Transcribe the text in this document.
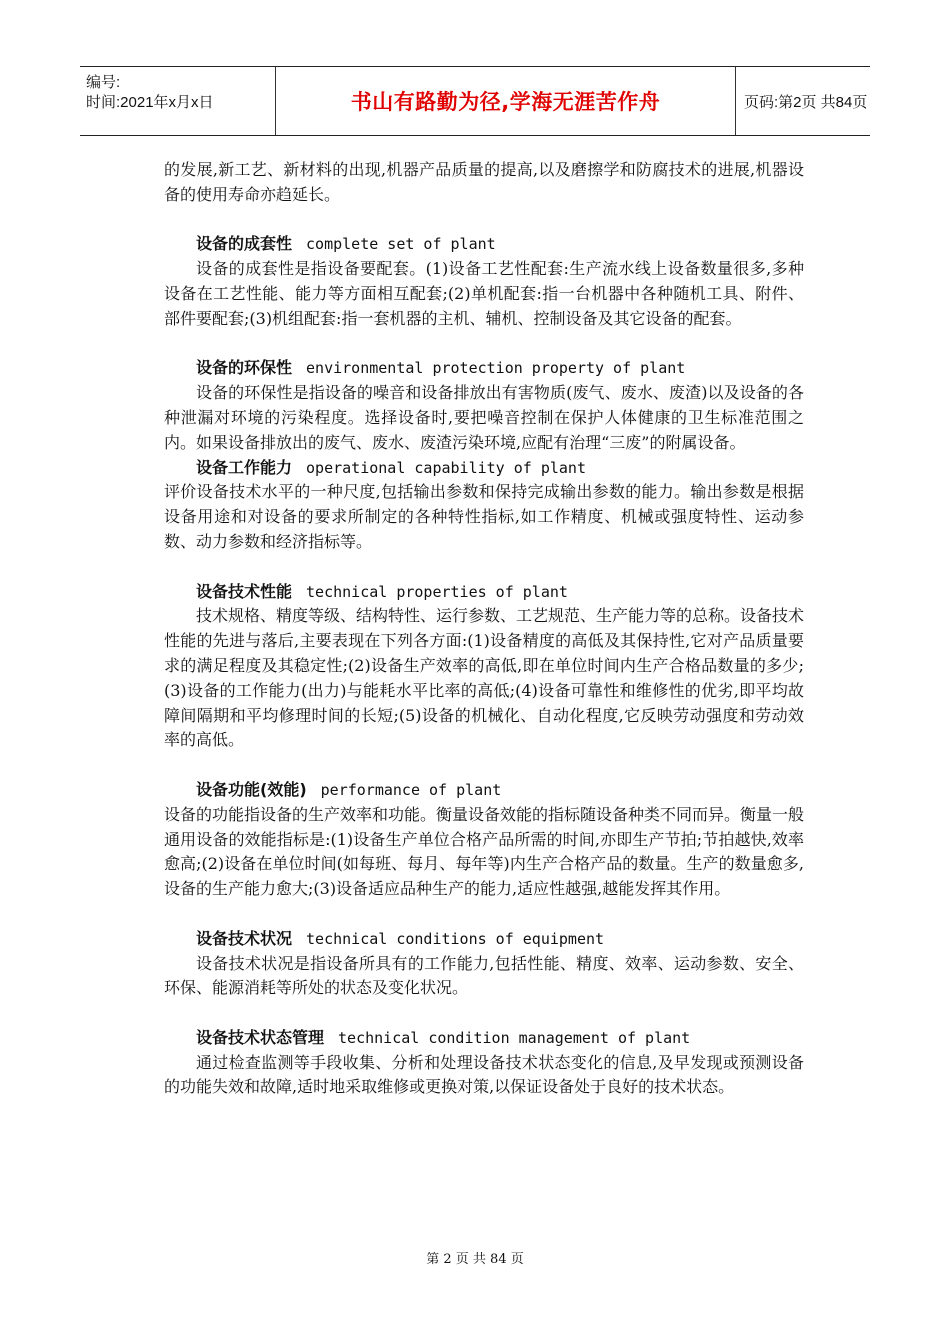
编号:
时间:2021年x月x日	书山有路勤为径,学海无涯苦作舟	页码:第2页 共84页

的发展,新工艺、新材料的出现,机器产品质量的提高,以及磨擦学和防腐技术的进展,机器设备的使用寿命亦趋延长。

设备的成套性 complete set of plant

设备的成套性是指设备要配套。(1)设备工艺性配套:生产流水线上设备数量很多,多种设备在工艺性能、能力等方面相互配套;(2)单机配套:指一台机器中各种随机工具、附件、部件要配套;(3)机组配套:指一套机器的主机、辅机、控制设备及其它设备的配套。

设备的环保性 environmental protection property of plant

设备的环保性是指设备的噪音和设备排放出有害物质(废气、废水、废渣)以及设备的各种泄漏对环境的污染程度。选择设备时,要把噪音控制在保护人体健康的卫生标准范围之内。如果设备排放出的废气、废水、废渣污染环境,应配有治理“三废”的附属设备。

设备工作能力 operational capability of plant

评价设备技术水平的一种尺度,包括输出参数和保持完成输出参数的能力。输出参数是根据设备用途和对设备的要求所制定的各种特性指标,如工作精度、机械或强度特性、运动参数、动力参数和经济指标等。

设备技术性能 technical properties of plant

技术规格、精度等级、结构特性、运行参数、工艺规范、生产能力等的总称。设备技术性能的先进与落后,主要表现在下列各方面:(1)设备精度的高低及其保持性,它对产品质量要求的满足程度及其稳定性;(2)设备生产效率的高低,即在单位时间内生产合格品数量的多少;(3)设备的工作能力(出力)与能耗水平比率的高低;(4)设备可靠性和维修性的优劣,即平均故障间隔期和平均修理时间的长短;(5)设备的机械化、自动化程度,它反映劳动强度和劳动效率的高低。

设备功能(效能) performance of plant

设备的功能指设备的生产效率和功能。衡量设备效能的指标随设备种类不同而异。衡量一般通用设备的效能指标是:(1)设备生产单位合格产品所需的时间,亦即生产节拍;节拍越快,效率愈高;(2)设备在单位时间(如每班、每月、每年等)内生产合格产品的数量。生产的数量愈多,设备的生产能力愈大;(3)设备适应品种生产的能力,适应性越强,越能发挥其作用。

设备技术状况 technical conditions of equipment

设备技术状况是指设备所具有的工作能力,包括性能、精度、效率、运动参数、安全、环保、能源消耗等所处的状态及变化状况。

设备技术状态管理 technical condition management of plant

通过检查监测等手段收集、分析和处理设备技术状态变化的信息,及早发现或预测设备的功能失效和故障,适时地采取维修或更换对策,以保证设备处于良好的技术状态。

第 2 页 共 84 页
